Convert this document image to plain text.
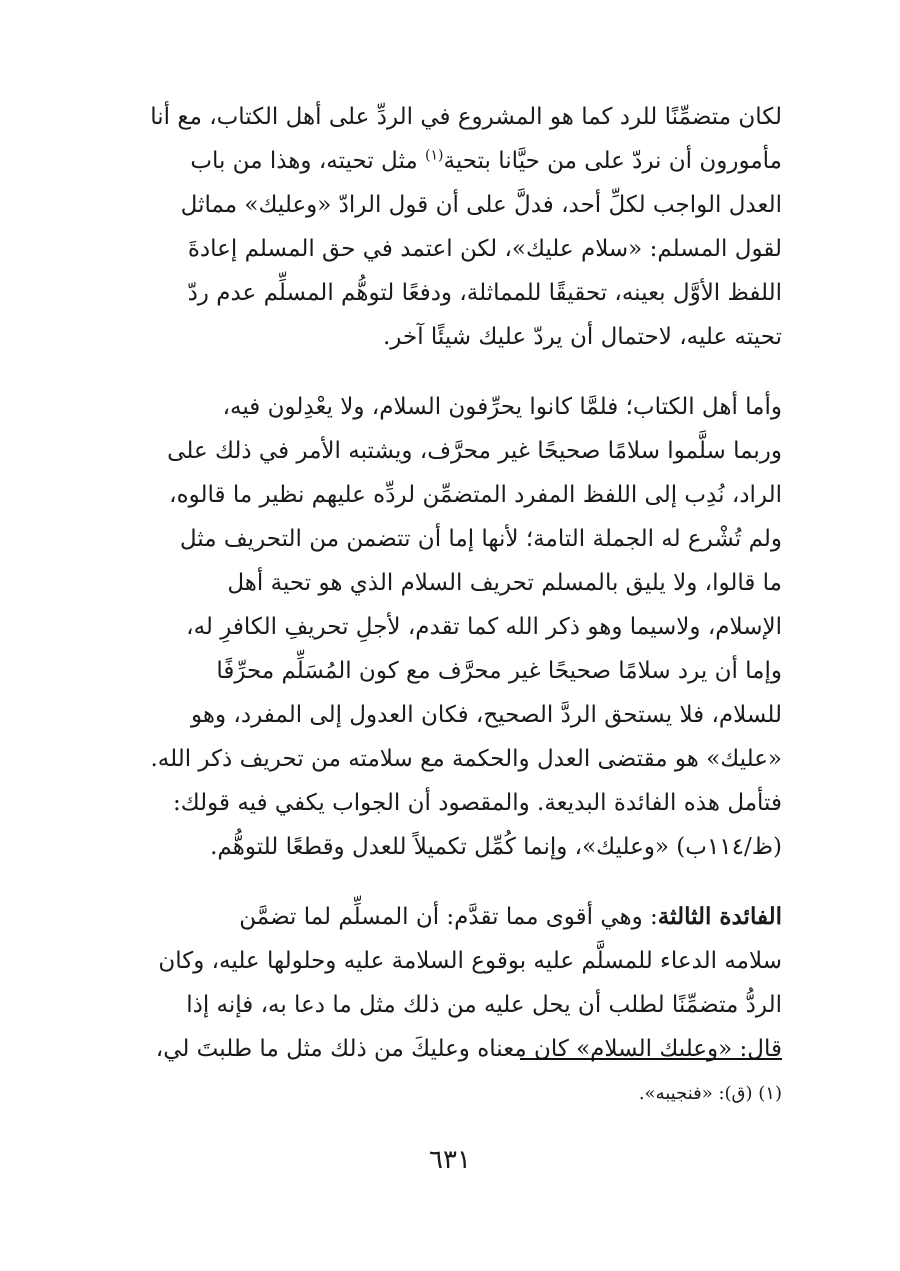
لكان متضمِّنًا للرد كما هو المشروع في الردِّ على أهل الكتاب، مع أنا
مأمورون أن نردّ على من حيَّانا بتحية$^{(١)}$ مثل تحيته، وهذا من باب
العدل الواجب لكلِّ أحد، فدلَّ على أن قول الرادّ «وعليك» مماثل
لقول المسلم: «سلام عليك»، لكن اعتمد في حق المسلم إعادةَ
اللفظ الأوَّل بعينه، تحقيقًا للمماثلة، ودفعًا لتوهُّم المسلِّم عدم ردّ
تحيته عليه، لاحتمال أن يردّ عليك شيئًا آخر.

وأما أهل الكتاب؛ فلمَّا كانوا يحرِّفون السلام، ولا يعْدِلون فيه،
وربما سلَّموا سلامًا صحيحًا غير محرَّف، ويشتبه الأمر في ذلك على
الراد، نُدِب إلى اللفظ المفرد المتضمِّن لردِّه عليهم نظير ما قالوه،
ولم تُشْرع له الجملة التامة؛ لأنها إما أن تتضمن من التحريف مثل
ما قالوا، ولا يليق بالمسلم تحريف السلام الذي هو تحية أهل
الإسلام، ولاسيما وهو ذكر الله كما تقدم، لأجلِ تحريفِ الكافرِ له،
وإما أن يرد سلامًا صحيحًا غير محرَّف مع كون المُسَلِّم محرِّفًا
للسلام، فلا يستحق الردَّ الصحيح، فكان العدول إلى المفرد، وهو
«عليك» هو مقتضى العدل والحكمة مع سلامته من تحريف ذكر الله.
فتأمل هذه الفائدة البديعة. والمقصود أن الجواب يكفي فيه قولك:
(ظ/١١٤ب) «وعليك»، وإنما كُمِّل تكميلاً للعدل وقطعًا للتوهُّم.

الفائدة الثالثة: وهي أقوى مما تقدَّم: أن المسلِّم لما تضمَّن
سلامه الدعاء للمسلَّم عليه بوقوع السلامة عليه وحلولها عليه، وكان
الردُّ متضمِّنًا لطلب أن يحل عليه من ذلك مثل ما دعا به، فإنه إذا
قال: «وعليك السلام» كان معناه وعليكَ من ذلك مثل ما طلبتَ لي،

(١) (ق): «فنجيبه».
٦٣١
